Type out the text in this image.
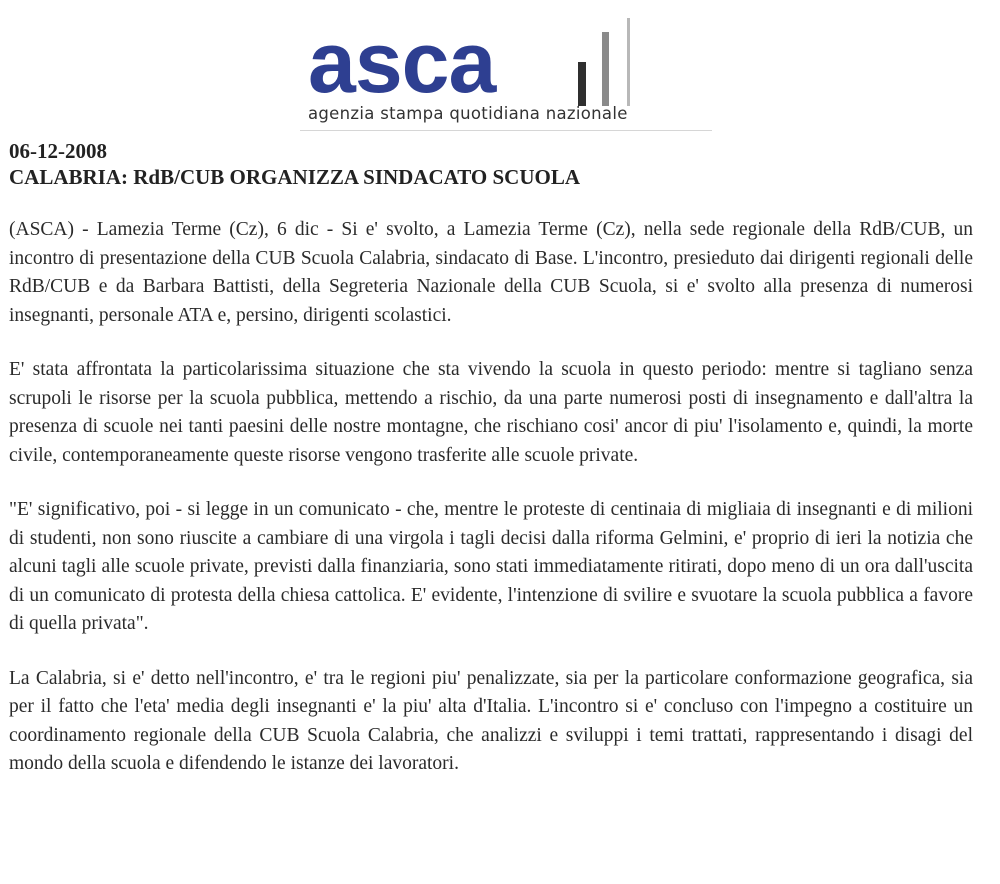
asca
agenzia stampa quotidiana nazionale

06-12-2008

CALABRIA: RdB/CUB ORGANIZZA SINDACATO SCUOLA

(ASCA) - Lamezia Terme (Cz), 6 dic - Si e' svolto, a Lamezia Terme (Cz), nella sede regionale della RdB/CUB, un incontro di presentazione della CUB Scuola Calabria, sindacato di Base. L'incontro, presieduto dai dirigenti regionali delle RdB/CUB e da Barbara Battisti, della Segreteria Nazionale della CUB Scuola, si e' svolto alla presenza di numerosi insegnanti, personale ATA e, persino, dirigenti scolastici.

E' stata affrontata la particolarissima situazione che sta vivendo la scuola in questo periodo: mentre si tagliano senza scrupoli le risorse per la scuola pubblica, mettendo a rischio, da una parte numerosi posti di insegnamento e dall'altra la presenza di scuole nei tanti paesini delle nostre montagne, che rischiano cosi' ancor di piu' l'isolamento e, quindi, la morte civile, contemporaneamente queste risorse vengono trasferite alle scuole private.

"E' significativo, poi - si legge in un comunicato - che, mentre le proteste di centinaia di migliaia di insegnanti e di milioni di studenti, non sono riuscite a cambiare di una virgola i tagli decisi dalla riforma Gelmini, e' proprio di ieri la notizia che alcuni tagli alle scuole private, previsti dalla finanziaria, sono stati immediatamente ritirati, dopo meno di un ora dall'uscita di un comunicato di protesta della chiesa cattolica. E' evidente, l'intenzione di svilire e svuotare la scuola pubblica a favore di quella privata".

La Calabria, si e' detto nell'incontro, e' tra le regioni piu' penalizzate, sia per la particolare conformazione geografica, sia per il fatto che l'eta' media degli insegnanti e' la piu' alta d'Italia. L'incontro si e' concluso con l'impegno a costituire un coordinamento regionale della CUB Scuola Calabria, che analizzi e sviluppi i temi trattati, rappresentando i disagi del mondo della scuola e difendendo le istanze dei lavoratori.
